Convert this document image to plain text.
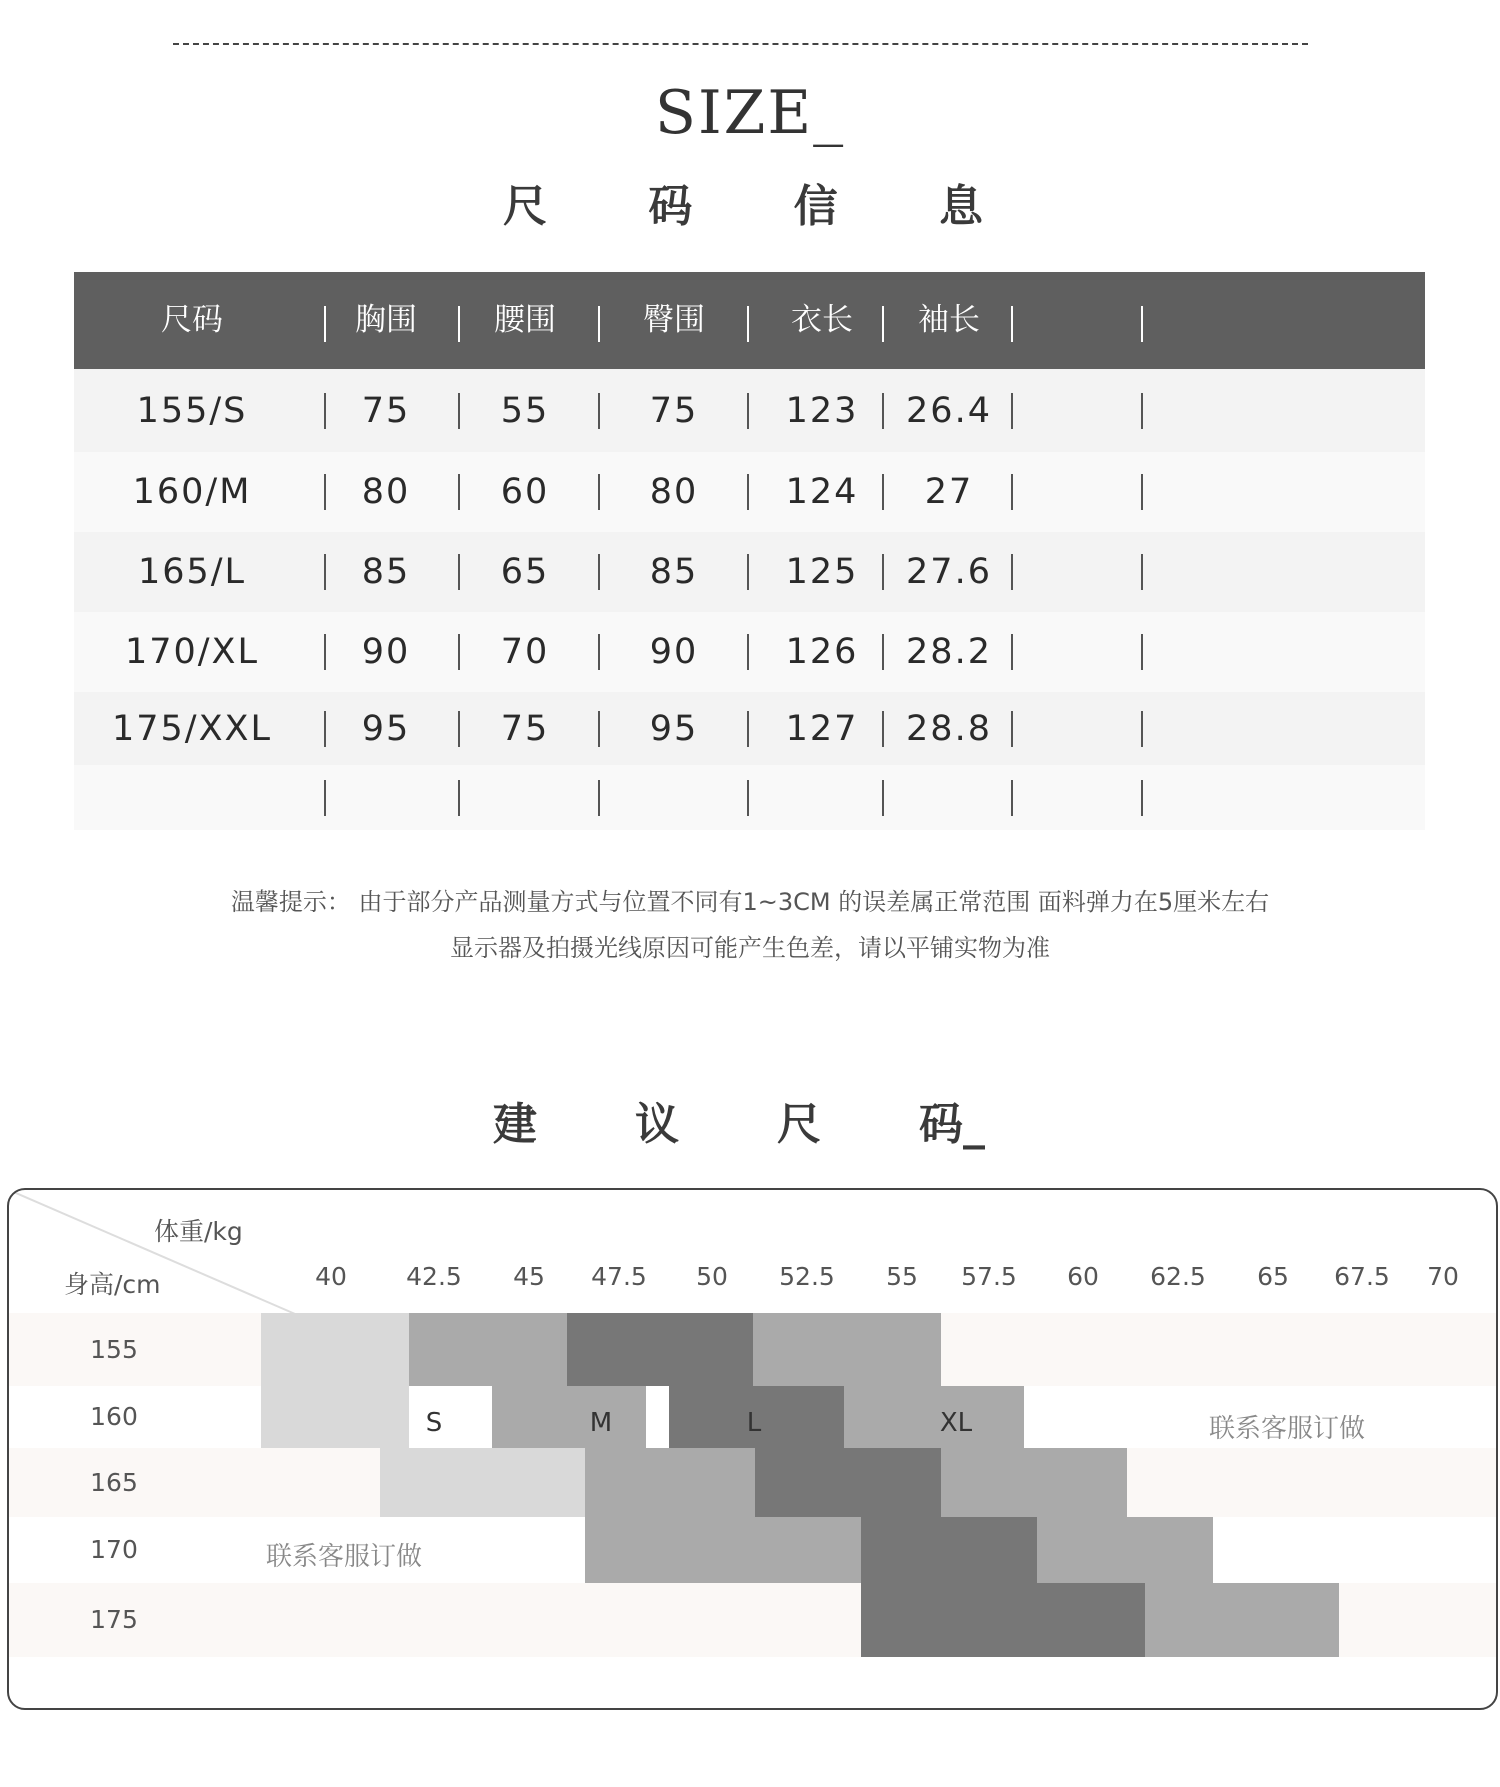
SIZE_
尺 码 信 息
尺码	胸围	腰围	臀围	衣长	袖长
155/S	75	55	75	123	26.4
160/M	80	60	80	124	27
165/L	85	65	85	125	27.6
170/XL	90	70	90	126	28.2
175/XXL	95	75	95	127	28.8
温馨提示： 由于部分产品测量方式与位置不同有1~3CM 的误差属正常范围 面料弹力在5厘米左右
显示器及拍摄光线原因可能产生色差，请以平铺实物为准
建 议 尺 码_
体重/kg
身高/cm
155
160
165
170
175
40	42.5	45	47.5	50	52.5	55	57.5	60	62.5	65	67.5	70
S	M	L	XL	联系客服订做
联系客服订做
